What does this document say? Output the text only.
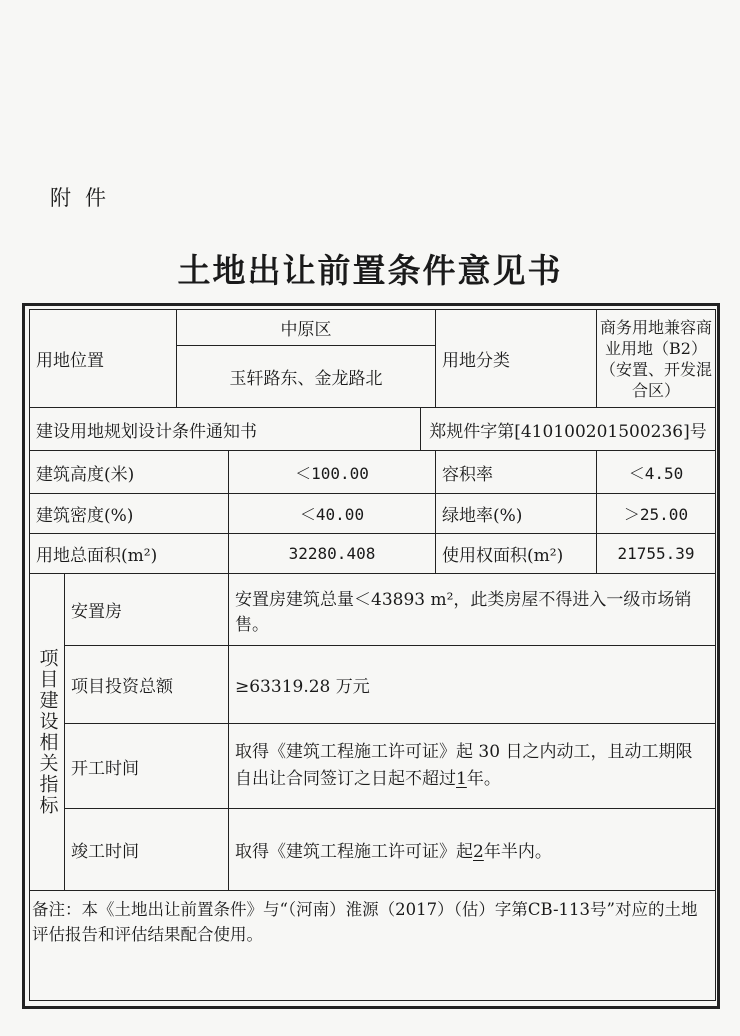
附件
土地出让前置条件意见书
用地位置		中原区			用地分类	商务用地兼容商业用地（B2）（安置、开发混合区）
		玉轩路东、金龙路北				
建设用地规划设计条件通知书				郑规件字第[410100201500236]号		
建筑高度(米)			＜100.00		容积率	＜4.50
建筑密度(%)			＜40.00		绿地率(%)	＞25.00
用地总面积(m²)			32280.408		使用权面积(m²)	21755.39
项目建设相关指标	安置房		安置房建筑总量＜43893 m²，此类房屋不得进入一级市场销售。			
	项目投资总额		≥63319.28 万元			
	开工时间		取得《建筑工程施工许可证》起 30 日之内动工，且动工期限自出让合同签订之日起不超过1年。			
	竣工时间		取得《建筑工程施工许可证》起2年半内。			
备注：本《土地出让前置条件》与“（河南）淮源（2017）（估）字第CB-113号”对应的土地评估报告和评估结果配合使用。						
